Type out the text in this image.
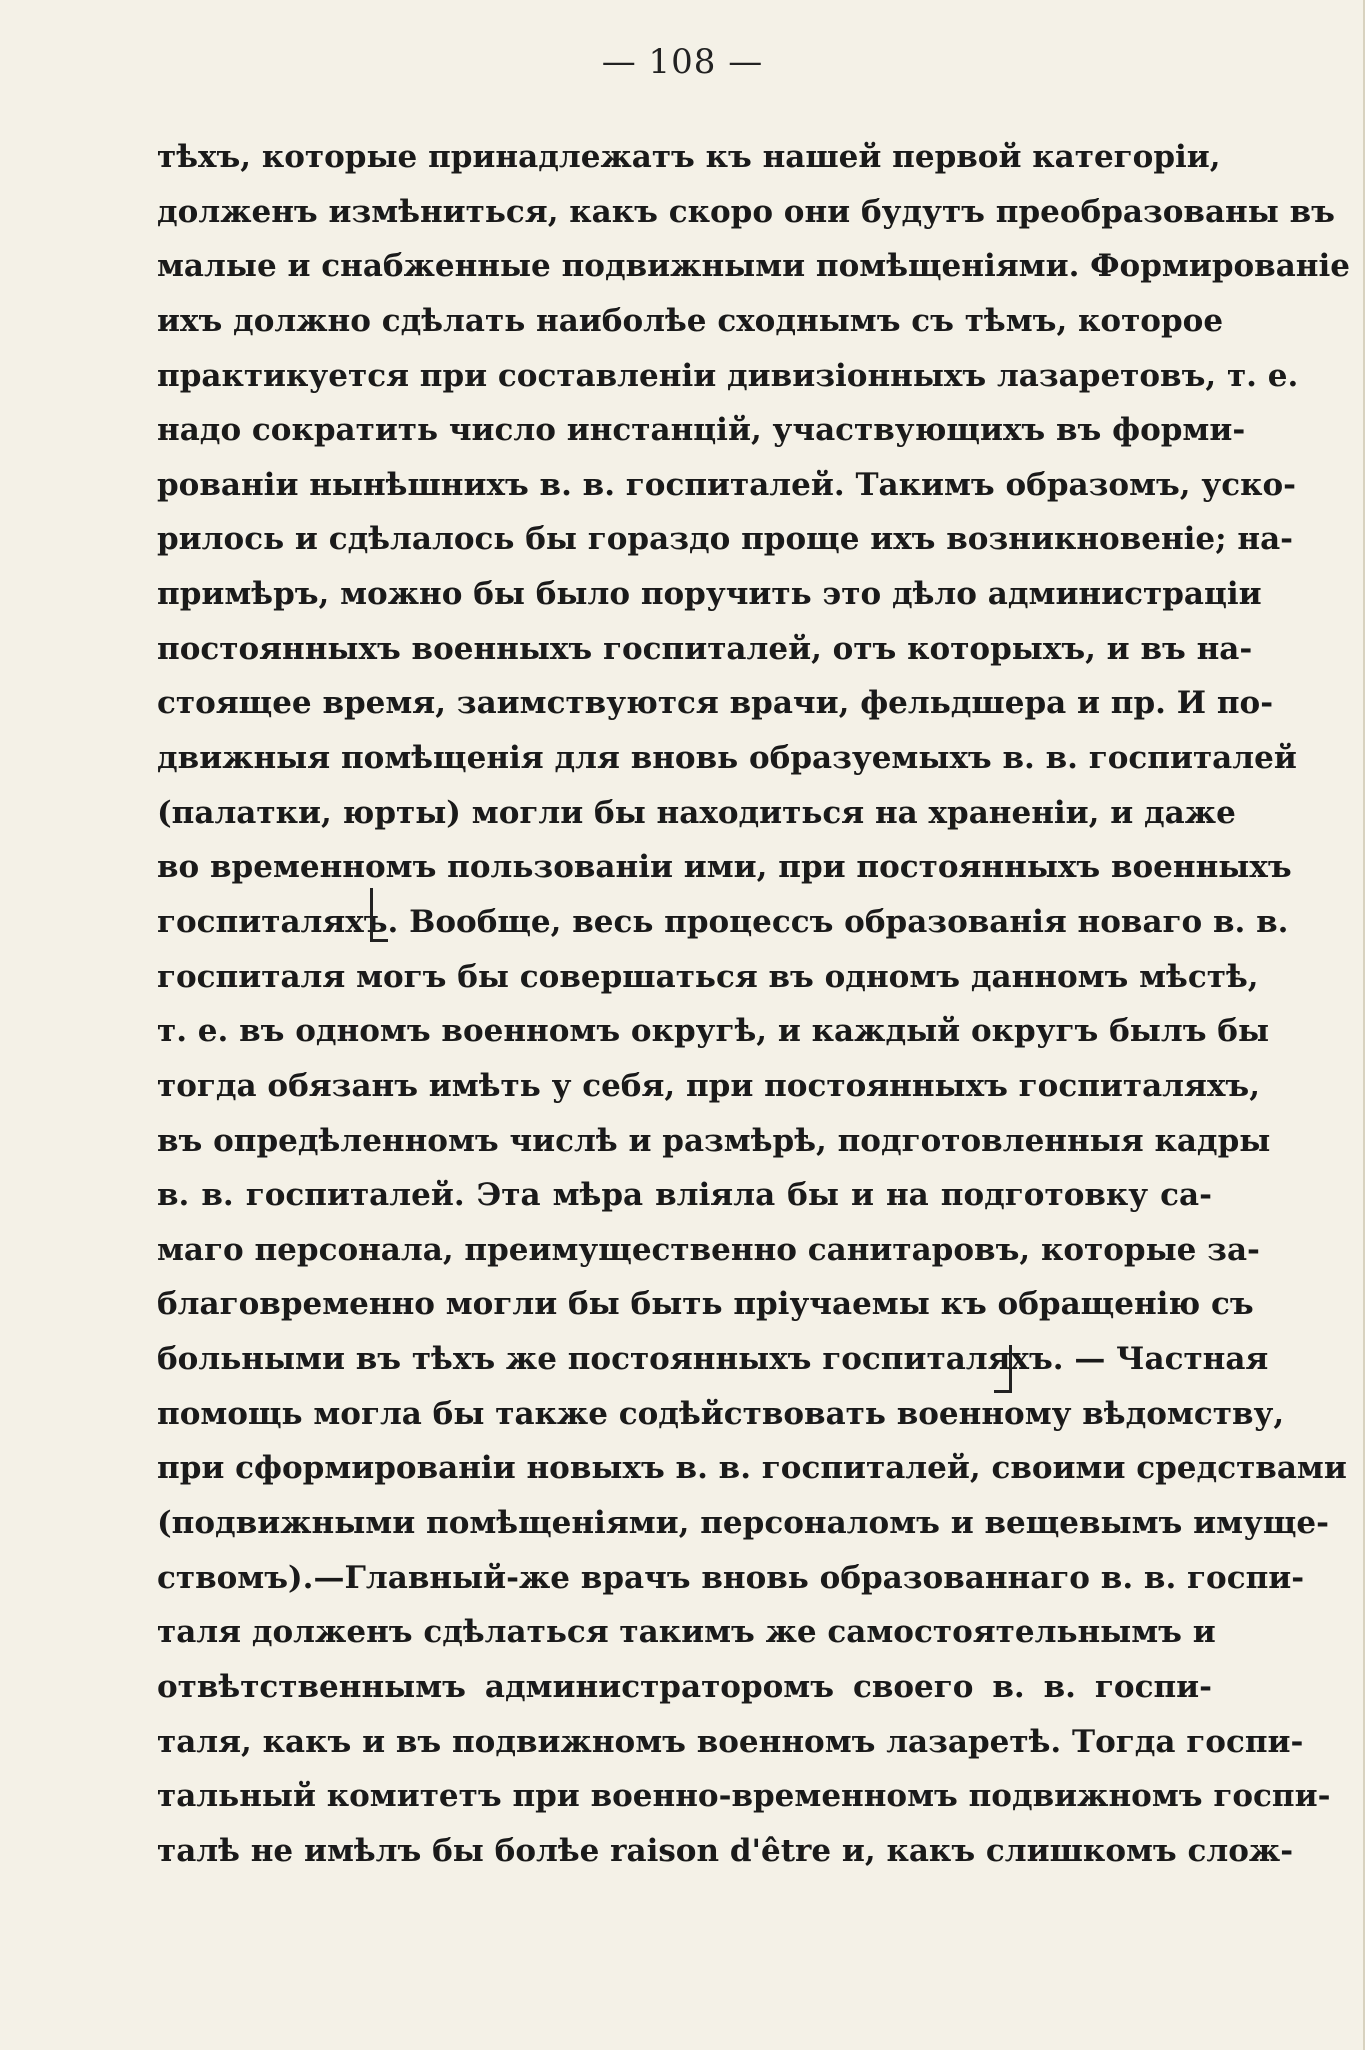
— 108 —
тѣхъ, которые принадлежатъ къ нашей первой категоріи,
долженъ измѣниться, какъ скоро они будутъ преобразованы въ
малые и снабженные подвижными помѣщеніями. Формированіе
ихъ должно сдѣлать наиболѣе сходнымъ съ тѣмъ, которое
практикуется при составленіи дивизіонныхъ лазаретовъ, т. е.
надо сократить число инстанцій, участвующихъ въ форми-
рованіи нынѣшнихъ в. в. госпиталей. Такимъ образомъ, уско-
рилось и сдѣлалось бы гораздо проще ихъ возникновеніе; на-
примѣръ, можно бы было поручить это дѣло администраціи
постоянныхъ военныхъ госпиталей, отъ которыхъ, и въ на-
стоящее время, заимствуются врачи, фельдшера и пр. И по-
движныя помѣщенія для вновь образуемыхъ в. в. госпиталей
(палатки, юрты) могли бы находиться на храненіи, и даже
во временномъ пользованіи ими, при постоянныхъ военныхъ
госпиталяхъ. Вообще, весь процессъ образованія новаго в. в.
госпиталя могъ бы совершаться въ одномъ данномъ мѣстѣ,
т. е. въ одномъ военномъ округѣ, и каждый округъ былъ бы
тогда обязанъ имѣть у себя, при постоянныхъ госпиталяхъ,
въ опредѣленномъ числѣ и размѣрѣ, подготовленныя кадры
в. в. госпиталей. Эта мѣра вліяла бы и на подготовку са-
маго персонала, преимущественно санитаровъ, которые за-
благовременно могли бы быть пріучаемы къ обращенію съ
больными въ тѣхъ же постоянныхъ госпиталяхъ. — Частная
помощь могла бы также содѣйствовать военному вѣдомству,
при сформированіи новыхъ в. в. госпиталей, своими средствами
(подвижными помѣщеніями, персоналомъ и вещевымъ имуще-
ствомъ).—Главный-же врачъ вновь образованнаго в. в. госпи-
таля долженъ сдѣлаться такимъ же самостоятельнымъ и
отвѣтственнымъ администраторомъ своего в. в. госпи-
таля, какъ и въ подвижномъ военномъ лазаретѣ. Тогда госпи-
тальный комитетъ при военно-временномъ подвижномъ госпи-
талѣ не имѣлъ бы болѣе raison d'être и, какъ слишкомъ слож-
